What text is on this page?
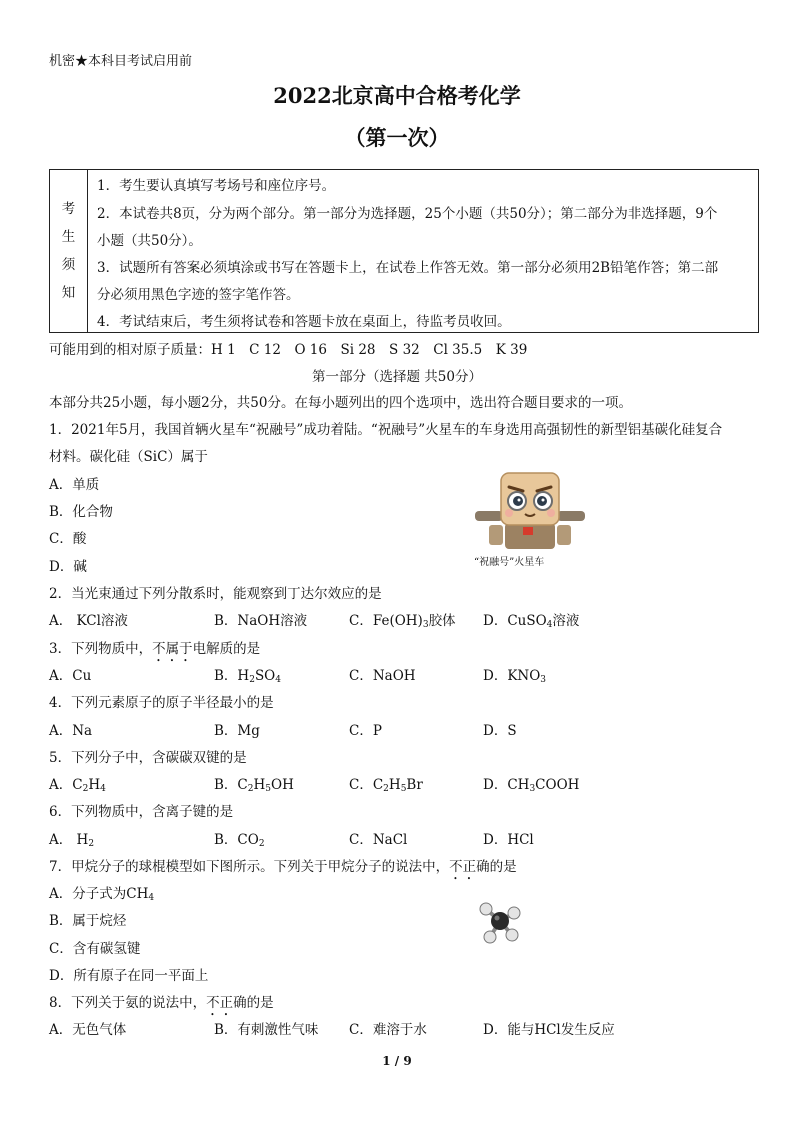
机密★本科目考试启用前
2022北京高中合格考化学
（第一次）
考
生
须
知
1．考生要认真填写考场号和座位序号。
2．本试卷共8页，分为两个部分。第一部分为选择题，25个小题（共50分）；第二部分为非选择题，9个
小题（共50分）。
3．试题所有答案必须填涂或书写在答题卡上，在试卷上作答无效。第一部分必须用2B铅笔作答；第二部
分必须用黑色字迹的签字笔作答。
4．考试结束后，考生须将试卷和答题卡放在桌面上，待监考员收回。
可能用到的相对原子质量：H 1　C 12　O 16　Si 28　S 32　Cl 35.5　K 39
第一部分（选择题 共50分）
本部分共25小题，每小题2分，共50分。在每小题列出的四个选项中，选出符合题目要求的一项。
1．2021年5月，我国首辆火星车“祝融号”成功着陆。“祝融号”火星车的车身选用高强韧性的新型铝基碳化硅复合
材料。碳化硅（SiC）属于
A．单质
B．化合物
C．酸
D．碱	“祝融号”火星车
2．当光束通过下列分散系时，能观察到丁达尔效应的是
A． KCl溶液	B．NaOH溶液	C．$Fe(OH)_3$胶体 D．CuSO$_4$溶液
3．下列物质中，不属于电解质的是
A．Cu	B．$H_2SO_4$	C．NaOH	D．$KNO_3$
4．下列元素原子的原子半径最小的是
A．Na	B．Mg	C．P	D．S
5．下列分子中，含碳碳双键的是
A．$C_2H_4$	B．$C_2H_5OH$	C．$C_2H_5Br$	D．$CH_3COOH$
6．下列物质中，含离子键的是
A． $H_2$	B．$CO_2$	C．NaCl	D．HCl
7．甲烷分子的球棍模型如下图所示。下列关于甲烷分子的说法中，不正确的是
A．分子式为$CH_4$
B．属于烷烃
C．含有碳氢键
D．所有原子在同一平面上
8．下列关于氨的说法中，不正确的是
A．无色气体	B．有刺激性气味 C．难溶于水	D．能与HCl发生反应
1 / 9
